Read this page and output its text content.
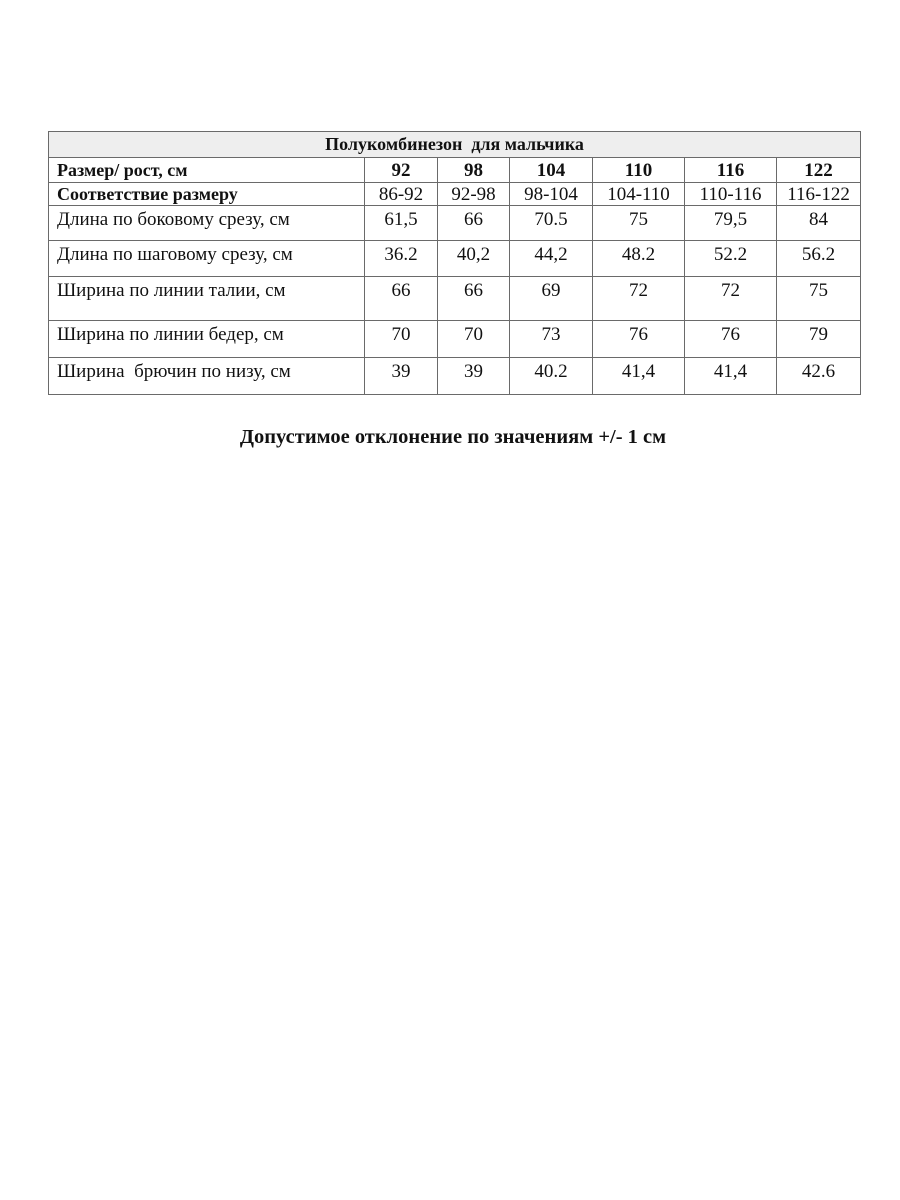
Полукомбинезон  для мальчика						
Размер/ рост, см	92	98	104	110	116	122
Соответствие размеру	86-92	92-98	98-104	104-110	110-116	116-122
Длина по боковому срезу, см	61,5	66	70.5	75	79,5	84
Длина по шаговому срезу, см	36.2	40,2	44,2	48.2	52.2	56.2
Ширина по линии талии, см	66	66	69	72	72	75
Ширина по линии бедер, см	70	70	73	76	76	79
Ширина  брючин по низу, см	39	39	40.2	41,4	41,4	42.6
Допустимое отклонение по значениям +/- 1 см
